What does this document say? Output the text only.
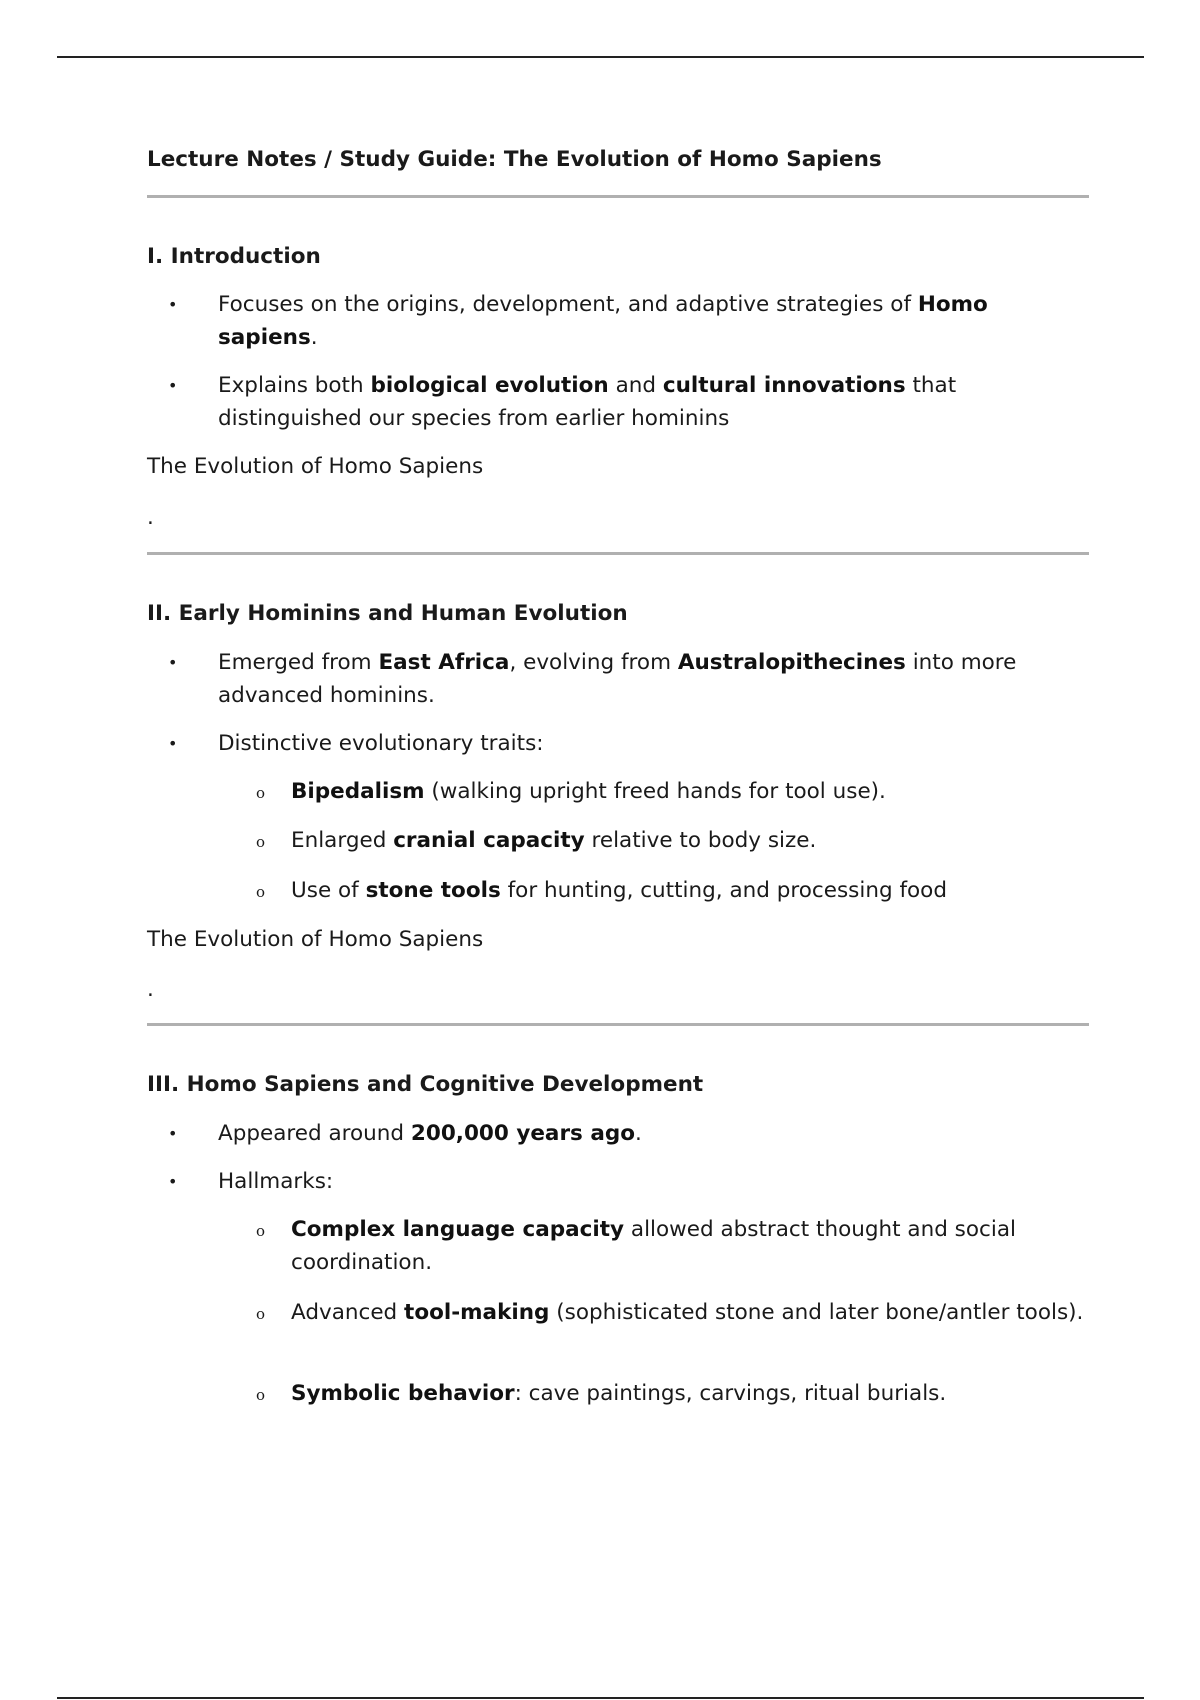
Lecture Notes / Study Guide: The Evolution of Homo Sapiens
I. Introduction
• Focuses on the origins, development, and adaptive strategies of Homo sapiens.
• Explains both biological evolution and cultural innovations that distinguished our species from earlier hominins
The Evolution of Homo Sapiens
.
II. Early Hominins and Human Evolution
• Emerged from East Africa, evolving from Australopithecines into more advanced hominins.
• Distinctive evolutionary traits:
o Bipedalism (walking upright freed hands for tool use).
o Enlarged cranial capacity relative to body size.
o Use of stone tools for hunting, cutting, and processing food
The Evolution of Homo Sapiens
.
III. Homo Sapiens and Cognitive Development
• Appeared around 200,000 years ago.
• Hallmarks:
o Complex language capacity allowed abstract thought and social coordination.
o Advanced tool-making (sophisticated stone and later bone/antler tools).
o Symbolic behavior: cave paintings, carvings, ritual burials.
